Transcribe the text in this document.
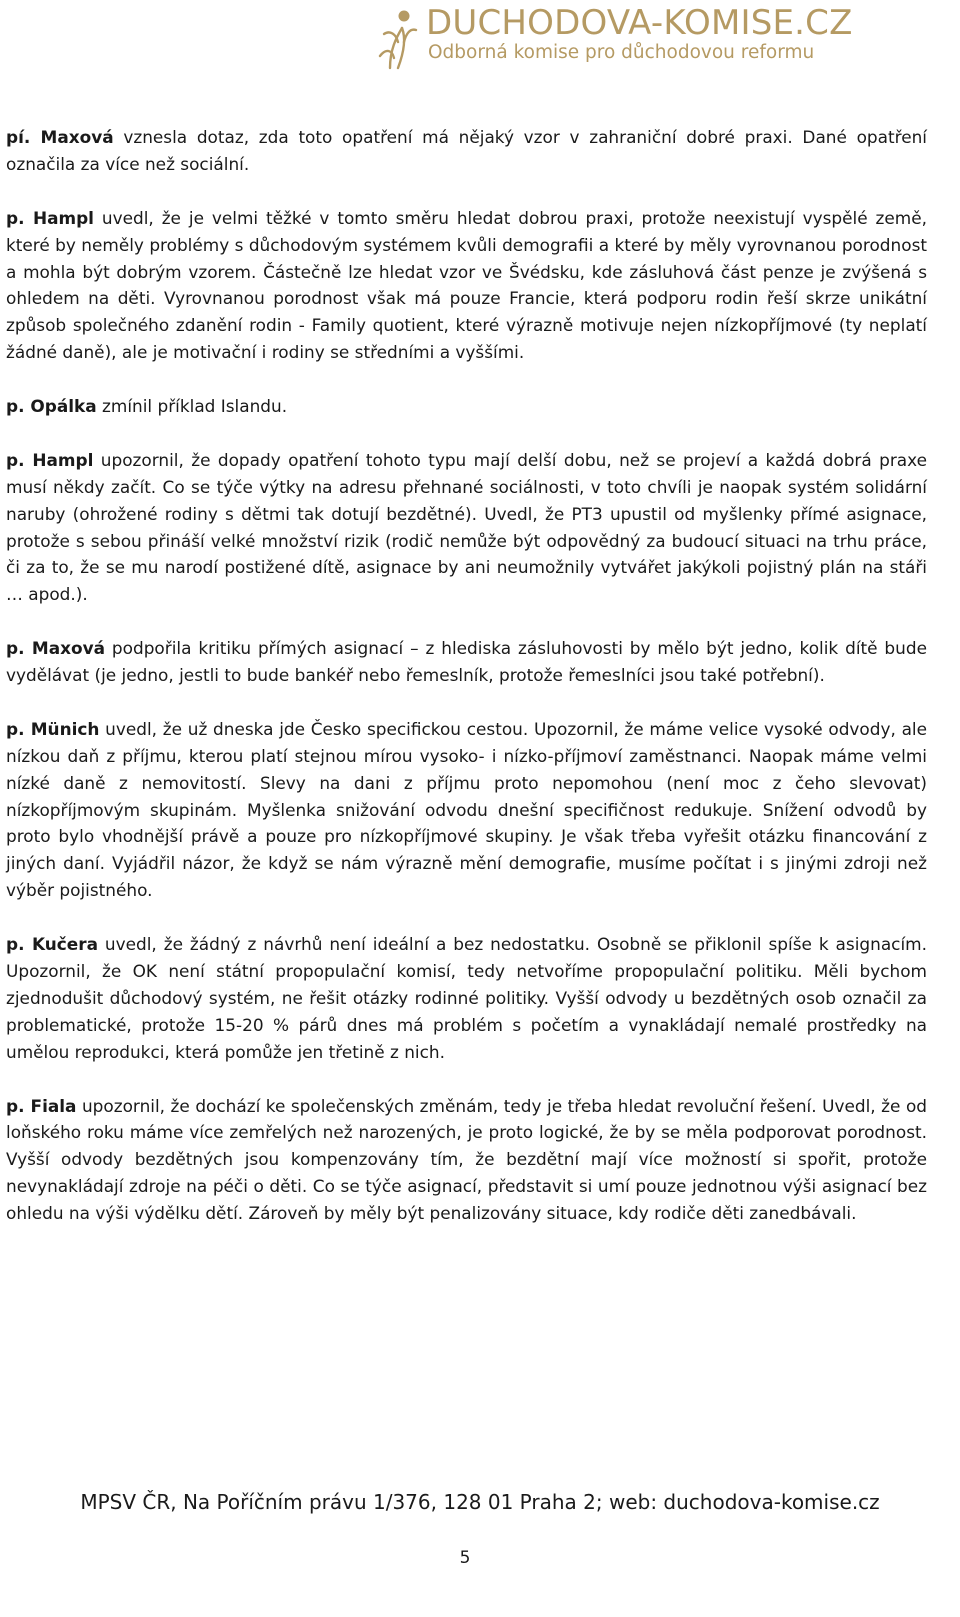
DUCHODOVA-KOMISE.CZ
Odborná komise pro důchodovou reformu

pí. Maxová vznesla dotaz, zda toto opatření má nějaký vzor v zahraniční dobré praxi. Dané opatření označila za více než sociální.

p. Hampl uvedl, že je velmi těžké v tomto směru hledat dobrou praxi, protože neexistují vyspělé země, které by neměly problémy s důchodovým systémem kvůli demografii a které by měly vyrovnanou porodnost a mohla být dobrým vzorem. Částečně lze hledat vzor ve Švédsku, kde zásluhová část penze je zvýšená s ohledem na děti. Vyrovnanou porodnost však má pouze Francie, která podporu rodin řeší skrze unikátní způsob společného zdanění rodin - Family quotient, které výrazně motivuje nejen nízkopříjmové (ty neplatí žádné daně), ale je motivační i rodiny se středními a vyššími.

p. Opálka zmínil příklad Islandu.

p. Hampl upozornil, že dopady opatření tohoto typu mají delší dobu, než se projeví a každá dobrá praxe musí někdy začít. Co se týče výtky na adresu přehnané sociálnosti, v toto chvíli je naopak systém solidární naruby (ohrožené rodiny s dětmi tak dotují bezdětné). Uvedl, že PT3 upustil od myšlenky přímé asignace, protože s sebou přináší velké množství rizik (rodič nemůže být odpovědný za budoucí situaci na trhu práce, či za to, že se mu narodí postižené dítě, asignace by ani neumožnily vytvářet jakýkoli pojistný plán na stáři … apod.).

p. Maxová podpořila kritiku přímých asignací – z hlediska zásluhovosti by mělo být jedno, kolik dítě bude vydělávat (je jedno, jestli to bude bankéř nebo řemeslník, protože řemeslníci jsou také potřební).

p. Münich uvedl, že už dneska jde Česko specifickou cestou. Upozornil, že máme velice vysoké odvody, ale nízkou daň z příjmu, kterou platí stejnou mírou vysoko- i nízko-příjmoví zaměstnanci. Naopak máme velmi nízké daně z nemovitostí. Slevy na dani z příjmu proto nepomohou (není moc z čeho slevovat) nízkopříjmovým skupinám. Myšlenka snižování odvodu dnešní specifičnost redukuje. Snížení odvodů by proto bylo vhodnější právě a pouze pro nízkopříjmové skupiny. Je však třeba vyřešit otázku financování z jiných daní. Vyjádřil názor, že když se nám výrazně mění demografie, musíme počítat i s jinými zdroji než výběr pojistného.

p. Kučera uvedl, že žádný z návrhů není ideální a bez nedostatku. Osobně se přiklonil spíše k asignacím. Upozornil, že OK není státní propopulační komisí, tedy netvoříme propopulační politiku. Měli bychom zjednodušit důchodový systém, ne řešit otázky rodinné politiky. Vyšší odvody u bezdětných osob označil za problematické, protože 15-20 % párů dnes má problém s početím a vynakládají nemalé prostředky na umělou reprodukci, která pomůže jen třetině z nich.

p. Fiala upozornil, že dochází ke společenských změnám, tedy je třeba hledat revoluční řešení. Uvedl, že od loňského roku máme více zemřelých než narozených, je proto logické, že by se měla podporovat porodnost. Vyšší odvody bezdětných jsou kompenzovány tím, že bezdětní mají více možností si spořit, protože nevynakládají zdroje na péči o děti. Co se týče asignací, představit si umí pouze jednotnou výši asignací bez ohledu na výši výdělku dětí. Zároveň by měly být penalizovány situace, kdy rodiče děti zanedbávali.

MPSV ČR, Na Poříčním právu 1/376, 128 01 Praha 2; web: duchodova-komise.cz
5
